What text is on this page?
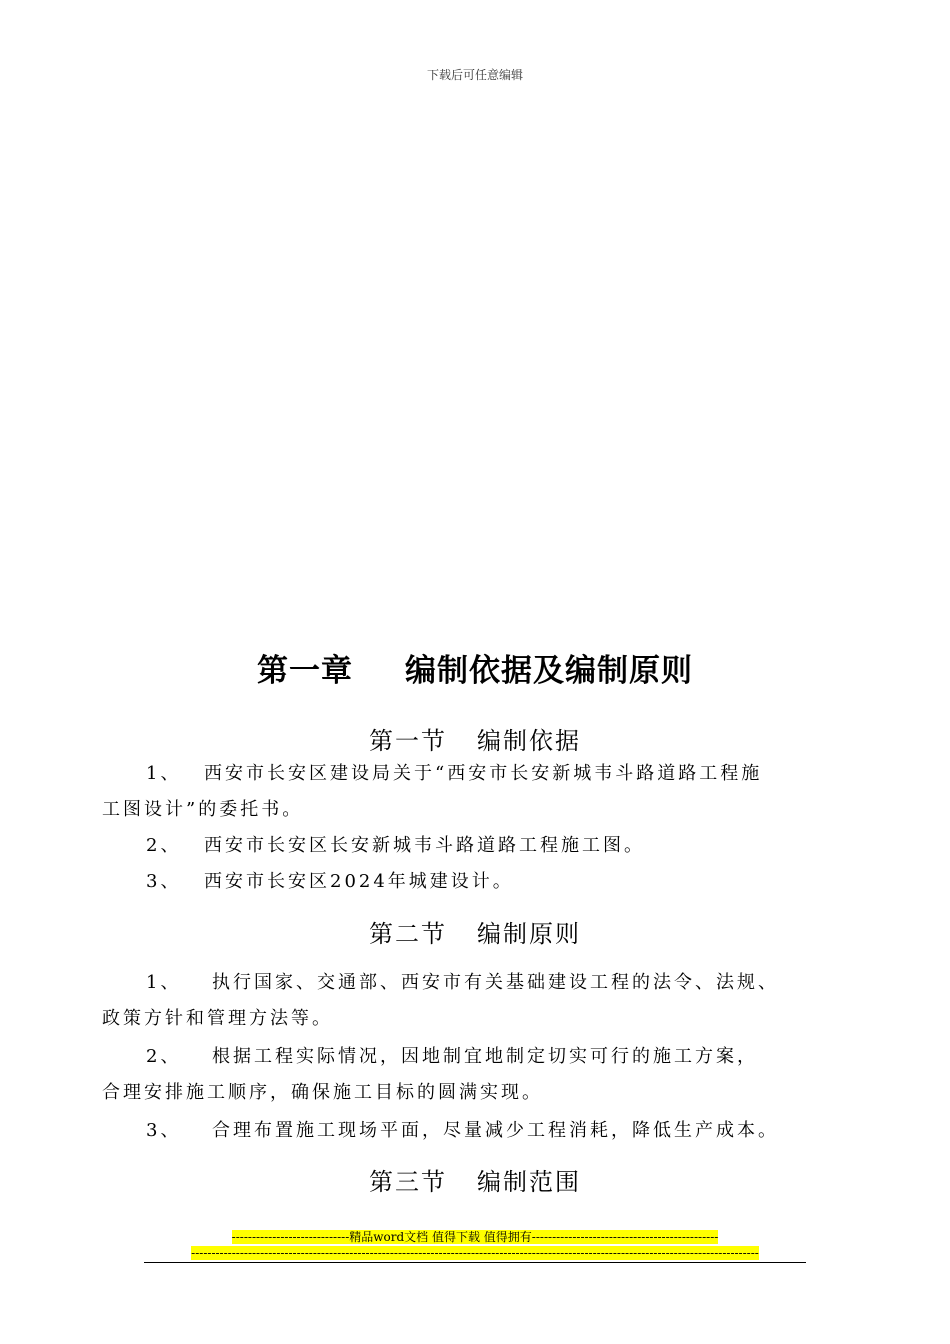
下载后可任意编辑
第一章 编制依据及编制原则
第一节 编制依据
1、 西安市长安区建设局关于“西安市长安新城韦斗路道路工程施
工图设计”的委托书。
2、 西安市长安区长安新城韦斗路道路工程施工图。
3、 西安市长安区2024年城建设计。
第二节 编制原则
1、 执行国家、交通部、西安市有关基础建设工程的法令、法规、
政策方针和管理方法等。
2、 根据工程实际情况，因地制宜地制定切实可行的施工方案，
合理安排施工顺序，确保施工目标的圆满实现。
3、 合理布置施工现场平面，尽量减少工程消耗，降低生产成本。
第三节 编制范围
-----------------------------精品word文档 值得下载 值得拥有----------------------------------------------
--------------------------------------------------------------------------------------------------------------------------------------------
